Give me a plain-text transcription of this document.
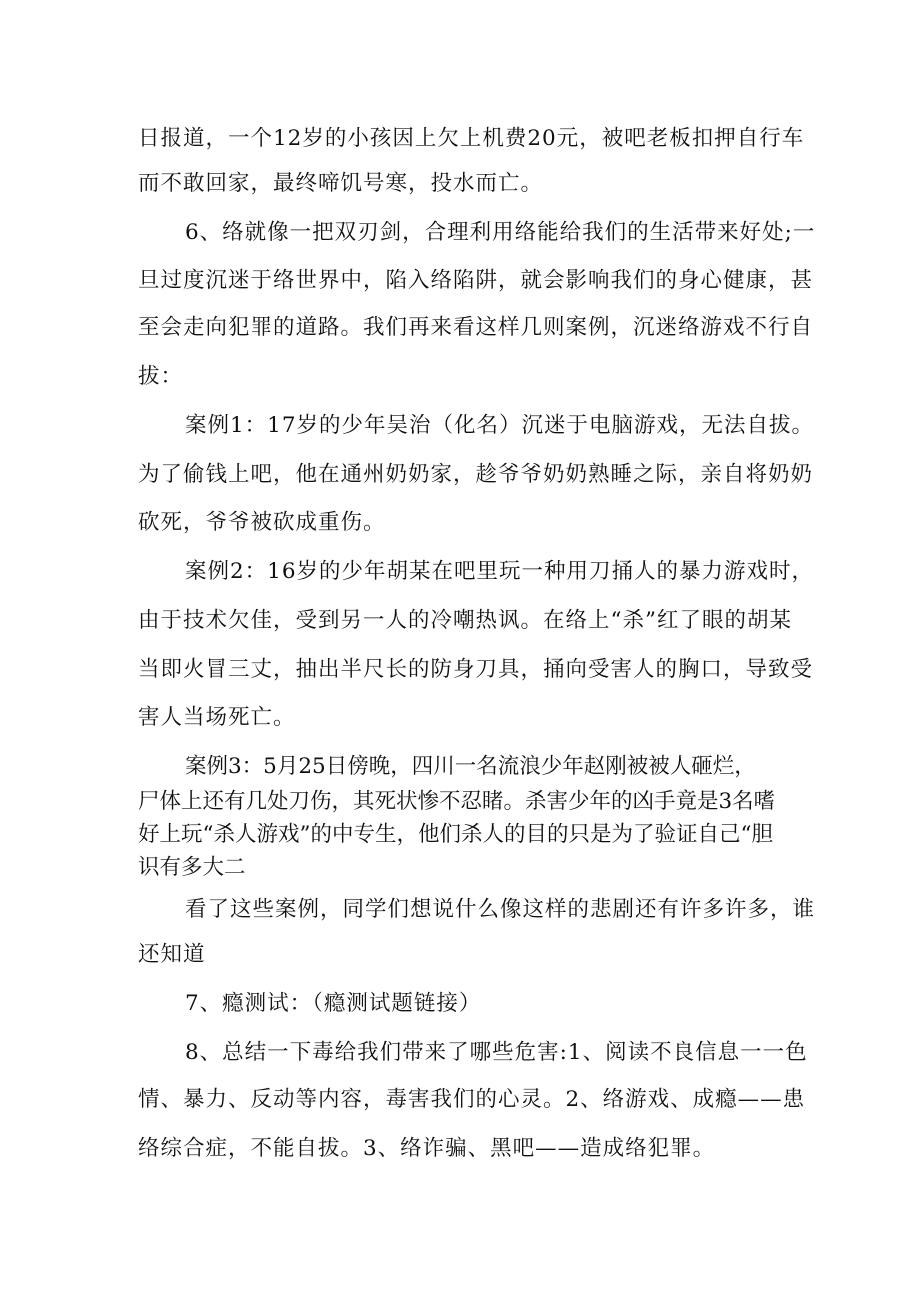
日报道，一个12岁的小孩因上欠上机费20元，被吧老板扣押自行车

而不敢回家，最终啼饥号寒，投水而亡。

6、络就像一把双刃剑，合理利用络能给我们的生活带来好处;一

旦过度沉迷于络世界中，陷入络陷阱，就会影响我们的身心健康，甚

至会走向犯罪的道路。我们再来看这样几则案例，沉迷络游戏不行自

拔：

案例1：17岁的少年吴治（化名）沉迷于电脑游戏，无法自拔。

为了偷钱上吧，他在通州奶奶家，趁爷爷奶奶熟睡之际，亲自将奶奶

砍死，爷爷被砍成重伤。

案例2：16岁的少年胡某在吧里玩一种用刀捅人的暴力游戏时，

由于技术欠佳，受到另一人的冷嘲热讽。在络上“杀”红了眼的胡某

当即火冒三丈，抽出半尺长的防身刀具，捅向受害人的胸口，导致受

害人当场死亡。

案例3：5月25日傍晚，四川一名流浪少年赵刚被被人砸烂，

尸体上还有几处刀伤，其死状惨不忍睹。杀害少年的凶手竟是3名嗜

好上玩“杀人游戏”的中专生，他们杀人的目的只是为了验证自己“胆

识有多大二

看了这些案例，同学们想说什么像这样的悲剧还有许多许多，谁

还知道

7、瘾测试：（瘾测试题链接）

8、总结一下毒给我们带来了哪些危害:1、阅读不良信息一一色

情、暴力、反动等内容，毒害我们的心灵。2、络游戏、成瘾——患

络综合症，不能自拔。3、络诈骗、黑吧——造成络犯罪。
